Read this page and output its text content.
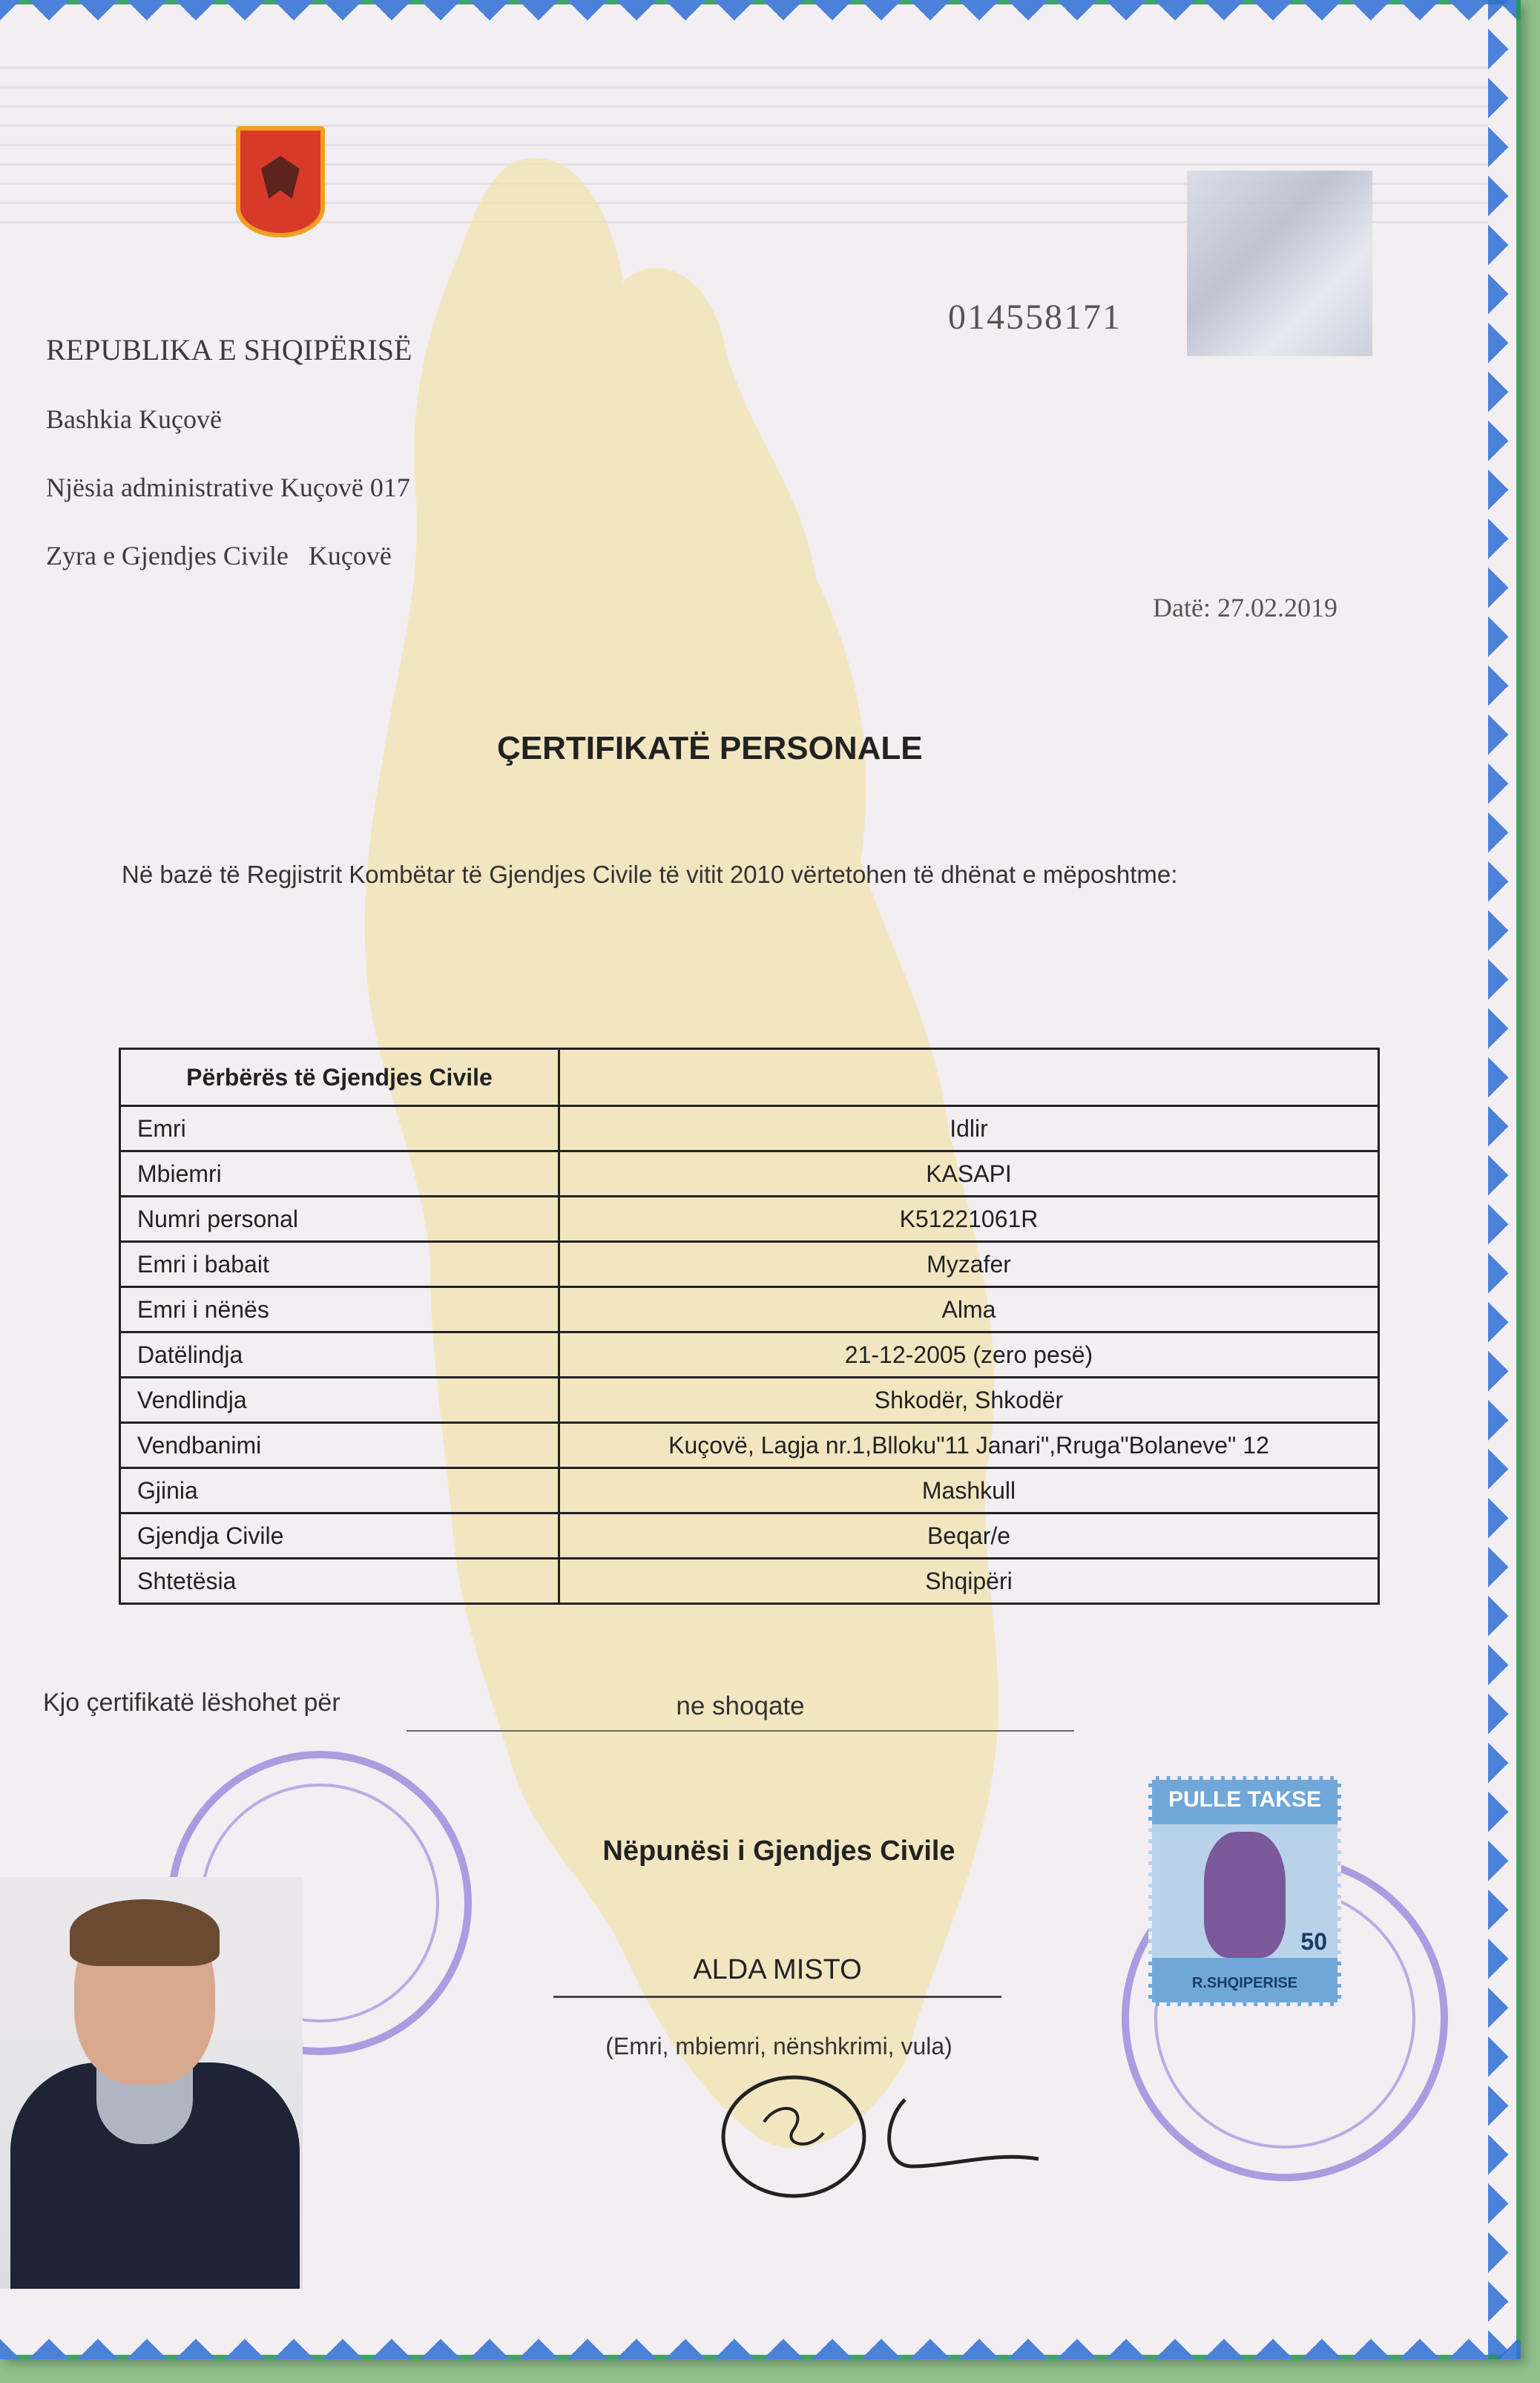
REPUBLIKA E SHQIPËRISË
Bashkia Kuçovë
Njësia administrative Kuçovë 017
Zyra e Gjendjes Civile   Kuçovë
014558171
Datë: 27.02.2019
ÇERTIFIKATË PERSONALE
Në bazë të Regjistrit Kombëtar të Gjendjes Civile të vitit 2010 vërtetohen të dhënat e mëposhtme:
Përbërës të Gjendjes Civile	
Emri	Idlir
Mbiemri	KASAPI
Numri personal	K51221061R
Emri i babait	Myzafer
Emri i nënës	Alma
Datëlindja	21-12-2005 (zero pesë)
Vendlindja	Shkodër, Shkodër
Vendbanimi	Kuçovë, Lagja nr.1,Blloku"11 Janari",Rruga"Bolaneve" 12
Gjinia	Mashkull
Gjendja Civile	Beqar/e
Shtetësia	Shqipëri
Kjo çertifikatë lëshohet për	ne shoqate
Nëpunësi i Gjendjes Civile
ALDA MISTO
(Emri, mbiemri, nënshkrimi, vula)
PULLE TAKSE
50
R.SHQIPERISE
